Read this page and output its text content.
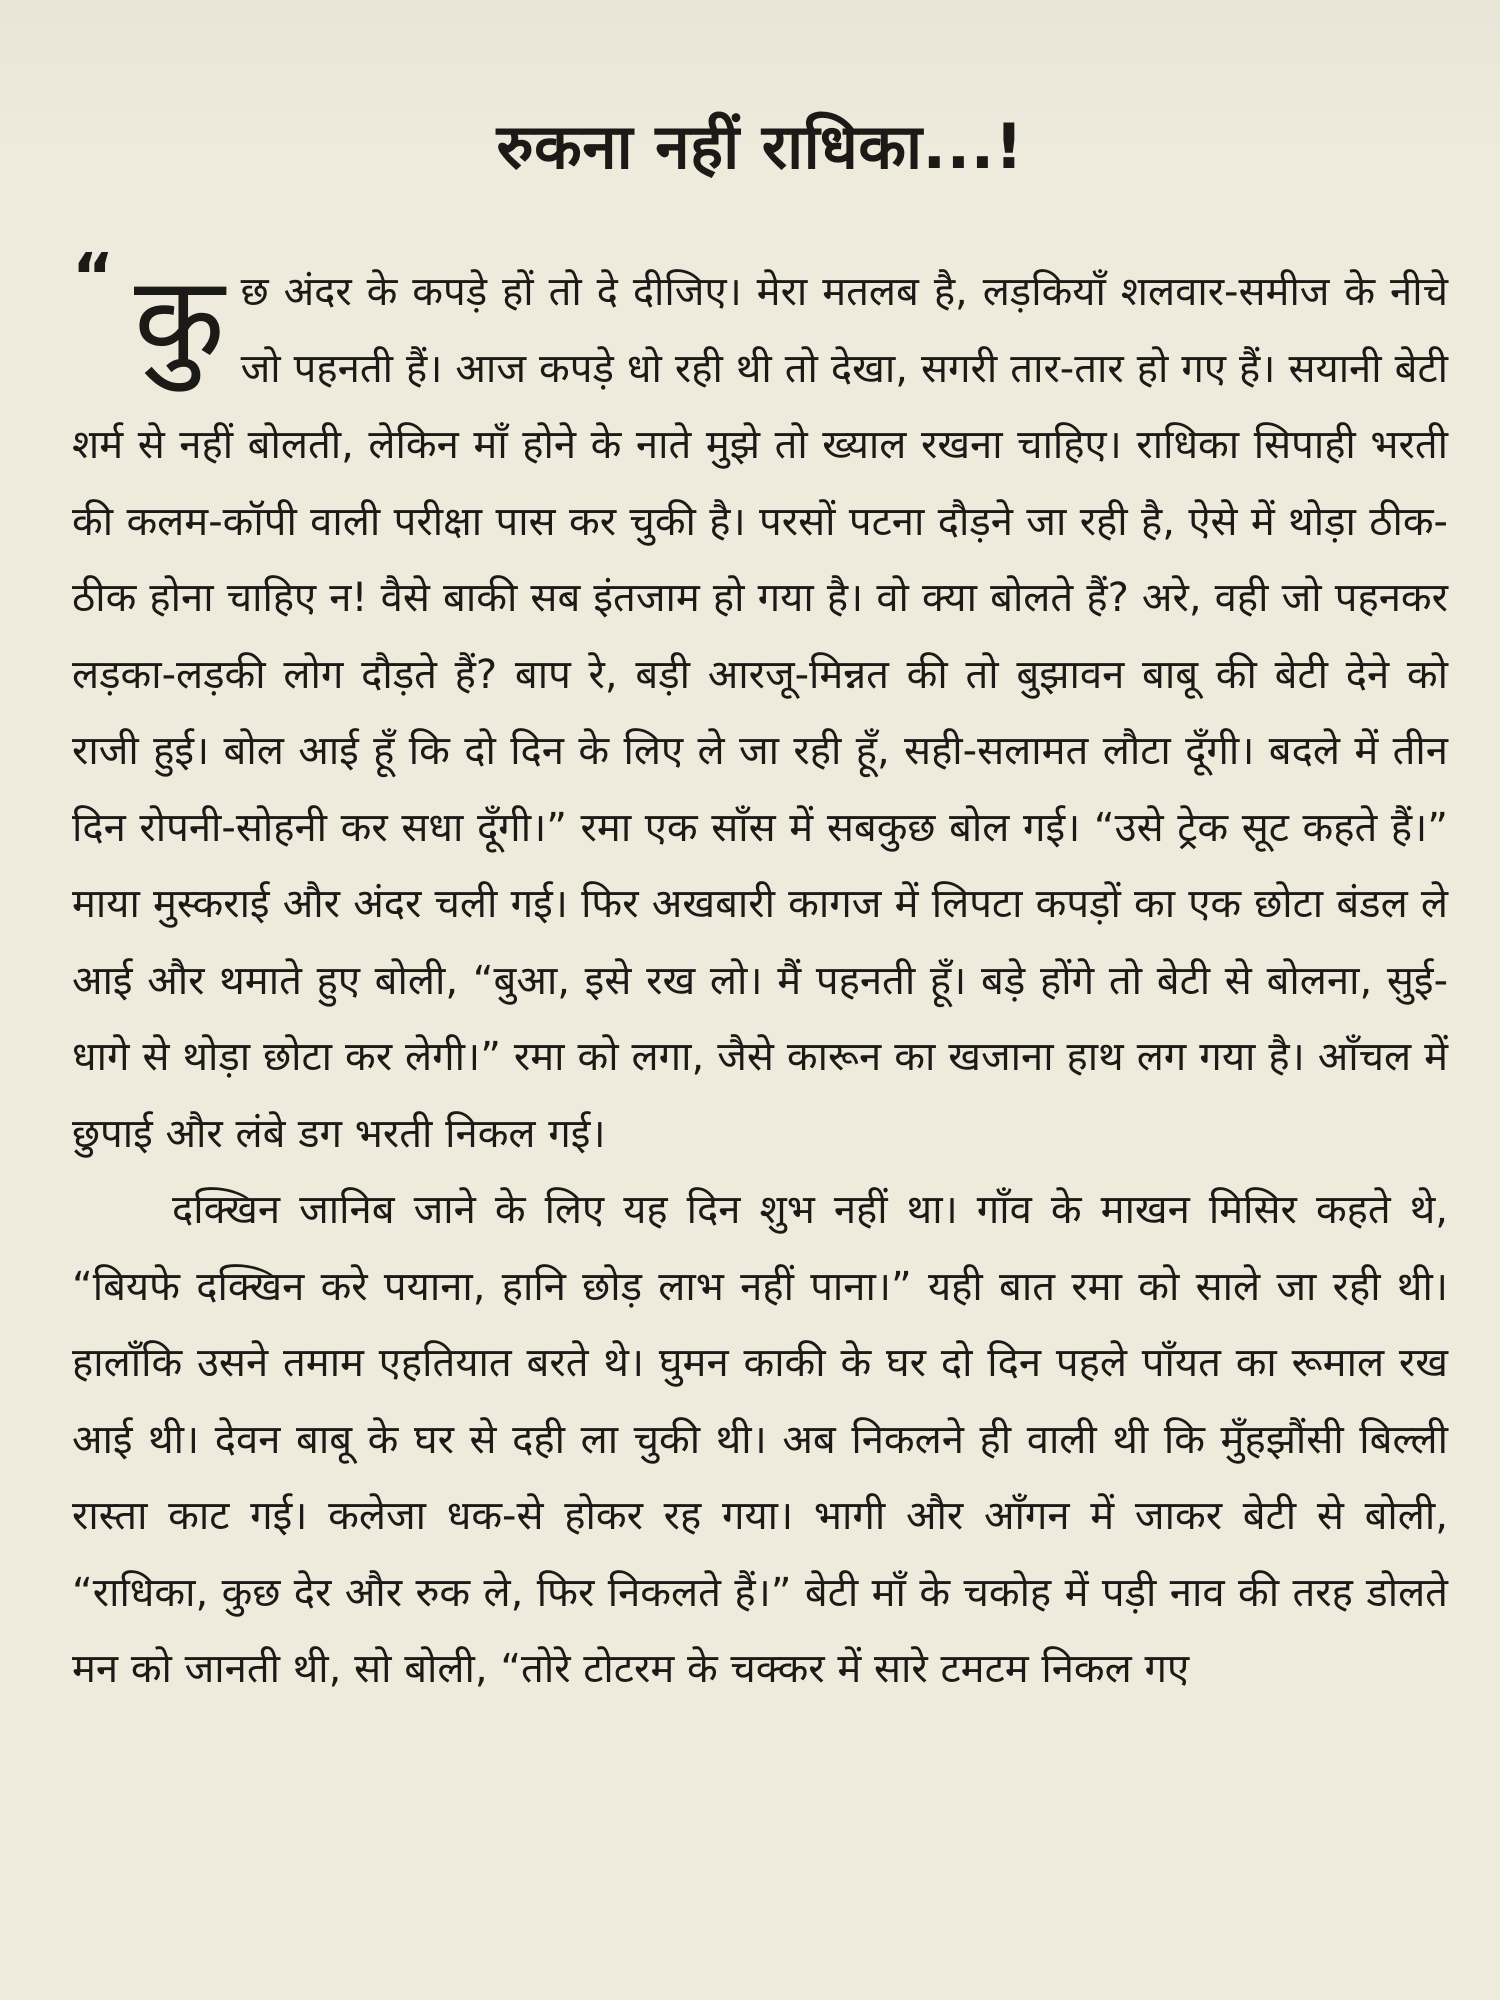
रुकना नहीं राधिका...!
“ कु छ अंदर के कपड़े हों तो दे दीजिए। मेरा मतलब है, लड़कियाँ शलवार-समीज के नीचे जो पहनती हैं। आज कपड़े धो रही थी तो देखा, सगरी तार-तार हो गए हैं। सयानी बेटी शर्म से नहीं बोलती, लेकिन माँ होने के नाते मुझे तो ख्याल रखना चाहिए। राधिका सिपाही भरती की कलम-कॉपी वाली परीक्षा पास कर चुकी है। परसों पटना दौड़ने जा रही है, ऐसे में थोड़ा ठीक-ठीक होना चाहिए न! वैसे बाकी सब इंतजाम हो गया है। वो क्या बोलते हैं? अरे, वही जो पहनकर लड़का-लड़की लोग दौड़ते हैं? बाप रे, बड़ी आरजू-मिन्नत की तो बुझावन बाबू की बेटी देने को राजी हुई। बोल आई हूँ कि दो दिन के लिए ले जा रही हूँ, सही-सलामत लौटा दूँगी। बदले में तीन दिन रोपनी-सोहनी कर सधा दूँगी।” रमा एक साँस में सबकुछ बोल गई। “उसे ट्रेक सूट कहते हैं।” माया मुस्कराई और अंदर चली गई। फिर अखबारी कागज में लिपटा कपड़ों का एक छोटा बंडल ले आई और थमाते हुए बोली, “बुआ, इसे रख लो। मैं पहनती हूँ। बड़े होंगे तो बेटी से बोलना, सुई-धागे से थोड़ा छोटा कर लेगी।” रमा को लगा, जैसे कारून का खजाना हाथ लग गया है। आँचल में छुपाई और लंबे डग भरती निकल गई।

दक्खिन जानिब जाने के लिए यह दिन शुभ नहीं था। गाँव के माखन मिसिर कहते थे, “बियफे दक्खिन करे पयाना, हानि छोड़ लाभ नहीं पाना।” यही बात रमा को साले जा रही थी। हालाँकि उसने तमाम एहतियात बरते थे। घुमन काकी के घर दो दिन पहले पाँयत का रूमाल रख आई थी। देवन बाबू के घर से दही ला चुकी थी। अब निकलने ही वाली थी कि मुँहझौंसी बिल्ली रास्ता काट गई। कलेजा धक-से होकर रह गया। भागी और आँगन में जाकर बेटी से बोली, “राधिका, कुछ देर और रुक ले, फिर निकलते हैं।” बेटी माँ के चकोह में पड़ी नाव की तरह डोलते मन को जानती थी, सो बोली, “तोरे टोटरम के चक्कर में सारे टमटम निकल गए
